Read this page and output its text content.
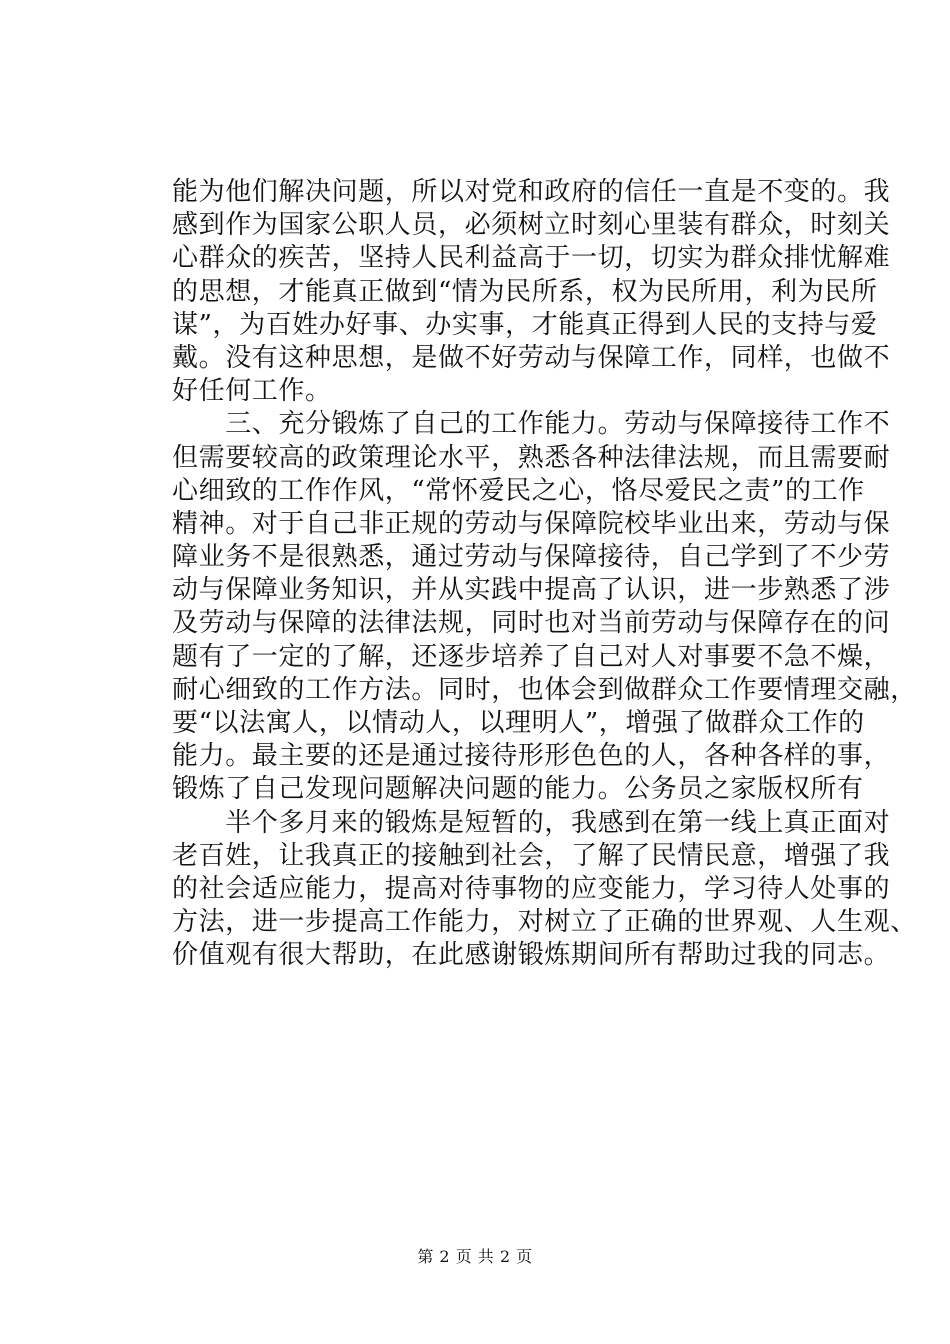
能为他们解决问题，所以对党和政府的信任一直是不变的。我
感到作为国家公职人员，必须树立时刻心里装有群众，时刻关
心群众的疾苦，坚持人民利益高于一切，切实为群众排忧解难
的思想，才能真正做到“情为民所系，权为民所用，利为民所
谋”，为百姓办好事、办实事，才能真正得到人民的支持与爱
戴。没有这种思想，是做不好劳动与保障工作，同样，也做不
好任何工作。
　　三、充分锻炼了自己的工作能力。劳动与保障接待工作不
但需要较高的政策理论水平，熟悉各种法律法规，而且需要耐
心细致的工作作风，“常怀爱民之心，恪尽爱民之责”的工作
精神。对于自己非正规的劳动与保障院校毕业出来，劳动与保
障业务不是很熟悉，通过劳动与保障接待，自己学到了不少劳
动与保障业务知识，并从实践中提高了认识，进一步熟悉了涉
及劳动与保障的法律法规，同时也对当前劳动与保障存在的问
题有了一定的了解，还逐步培养了自己对人对事要不急不燥，
耐心细致的工作方法。同时，也体会到做群众工作要情理交融，
要“以法寓人，以情动人，以理明人”，增强了做群众工作的
能力。最主要的还是通过接待形形色色的人，各种各样的事，
锻炼了自己发现问题解决问题的能力。公务员之家版权所有
　　半个多月来的锻炼是短暂的，我感到在第一线上真正面对
老百姓，让我真正的接触到社会，了解了民情民意，增强了我
的社会适应能力，提高对待事物的应变能力，学习待人处事的
方法，进一步提高工作能力，对树立了正确的世界观、人生观、
价值观有很大帮助，在此感谢锻炼期间所有帮助过我的同志。
第 2 页 共 2 页
